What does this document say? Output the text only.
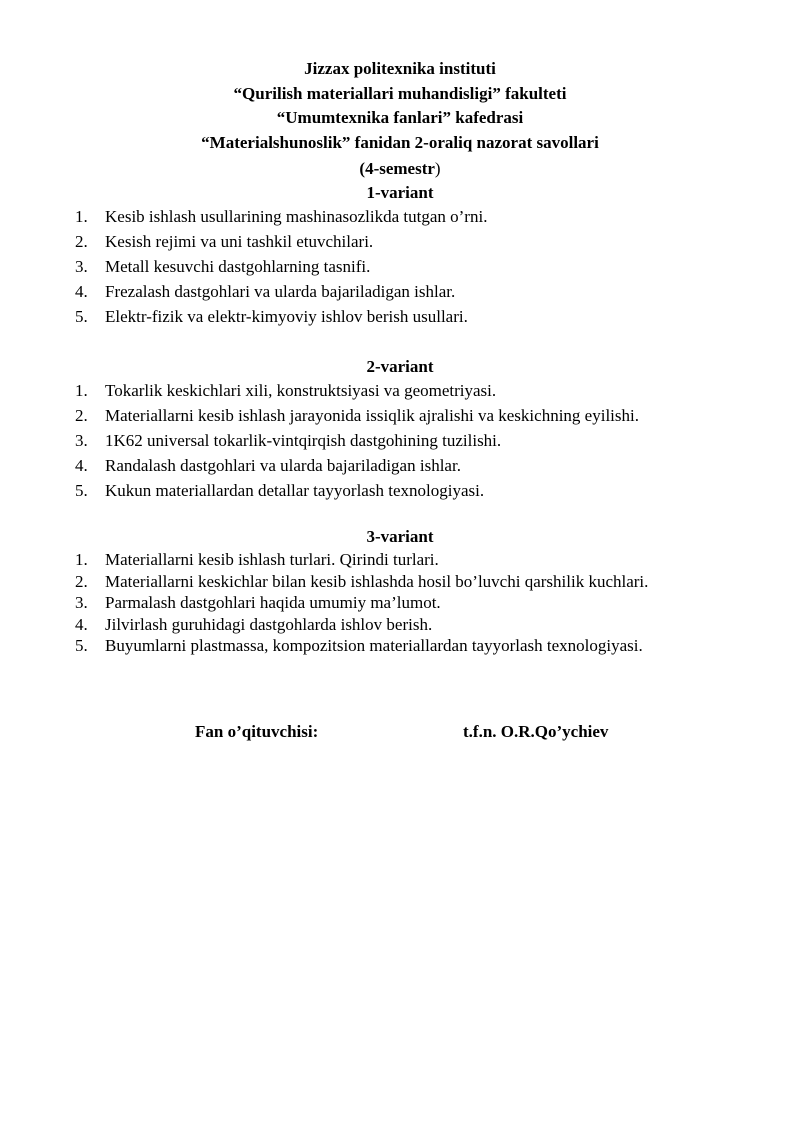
Jizzax politexnika instituti
“Qurilish materiallari muhandisligi” fakulteti
“Umumtexnika fanlari” kafedrasi
“Materialshunoslik” fanidan 2-oraliq nazorat savollari
(4-semestr)
1-variant
1. Kesib ishlash usullarining mashinasozlikda tutgan o’rni.
2. Kesish rejimi va uni tashkil etuvchilari.
3. Metall kesuvchi dastgohlarning tasnifi.
4. Frezalash dastgohlari va ularda bajariladigan ishlar.
5. Elektr-fizik va elektr-kimyoviy ishlov berish usullari.
2-variant
1. Tokarlik keskichlari xili, konstruktsiyasi va geometriyasi.
2. Materiallarni kesib ishlash jarayonida issiqlik ajralishi va keskichning eyilishi.
3. 1K62 universal tokarlik-vintqirqish dastgohining tuzilishi.
4. Randalash dastgohlari va ularda bajariladigan ishlar.
5. Kukun materiallardan detallar tayyorlash texnologiyasi.
3-variant
1. Materiallarni kesib ishlash turlari. Qirindi turlari.
2. Materiallarni keskichlar bilan kesib ishlashda hosil bo’luvchi qarshilik kuchlari.
3. Parmalash dastgohlari haqida umumiy ma’lumot.
4. Jilvirlash guruhidagi dastgohlarda ishlov berish.
5. Buyumlarni plastmassa, kompozitsion materiallardan tayyorlash texnologiyasi.
Fan o’qituvchisi:	t.f.n. O.R.Qo’ychiev
